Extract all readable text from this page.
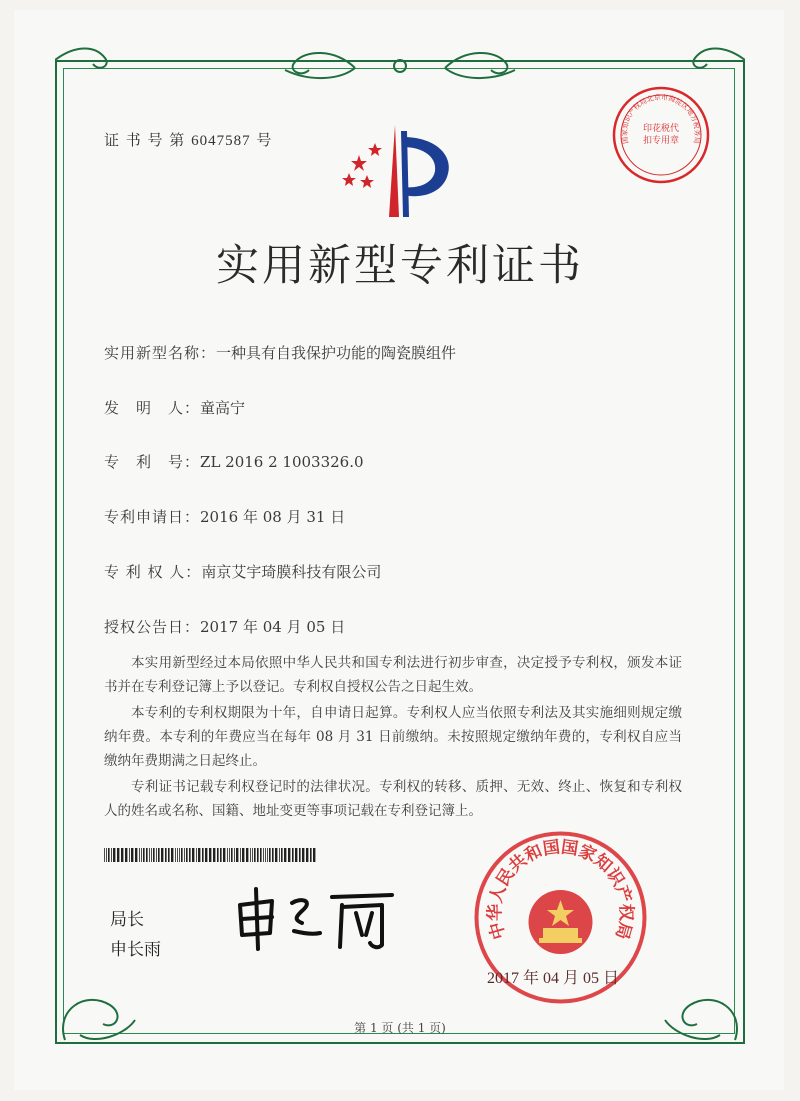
证 书 号 第 6047587 号
实用新型专利证书
实用新型名称：一种具有自我保护功能的陶瓷膜组件
发　明　人：童高宁
专　利　号：ZL 2016 2 1003326.0
专利申请日：2016 年 08 月 31 日
专 利 权 人：南京艾宇琦膜科技有限公司
授权公告日：2017 年 04 月 05 日

本实用新型经过本局依照中华人民共和国专利法进行初步审查，决定授予专利权，颁发本证书并在专利登记簿上予以登记。专利权自授权公告之日起生效。

本专利的专利权期限为十年，自申请日起算。专利权人应当依照专利法及其实施细则规定缴纳年费。本专利的年费应当在每年 08 月 31 日前缴纳。未按照规定缴纳年费的，专利权自应当缴纳年费期满之日起终止。

专利证书记载专利权登记时的法律状况。专利权的转移、质押、无效、终止、恢复和专利权人的姓名或名称、国籍、地址变更等事项记载在专利登记簿上。

局长
申长雨
中华人民共和国国家知识产权局
2017 年 04 月 05 日
国家知识产权局北京市海淀区地方税务局
印花税代扣专用章
第 1 页 (共 1 页)
